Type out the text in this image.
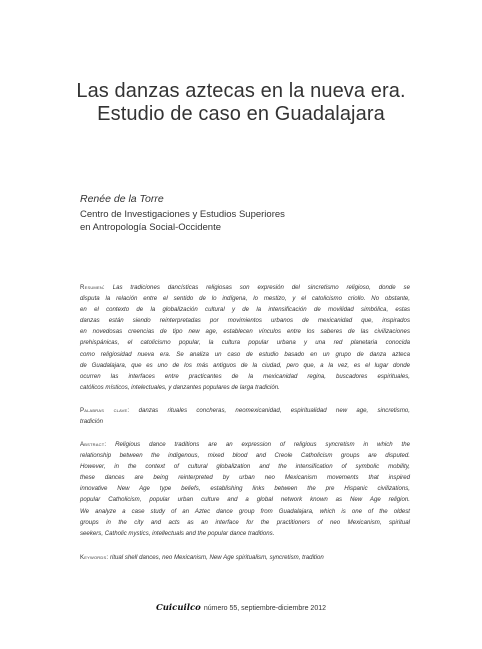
Las danzas aztecas en la nueva era.
Estudio de caso en Guadalajara
Renée de la Torre
Centro de Investigaciones y Estudios Superiores
en Antropología Social-Occidente
Resumen: Las tradiciones dancísticas religiosas son expresión del sincretismo religioso, donde se
disputa la relación entre el sentido de lo indígena, lo mestizo, y el catolicismo criollo. No obstante,
en el contexto de la globalización cultural y de la intensificación de movilidad simbólica, estas
danzas están siendo reinterpretadas por movimientos urbanos de mexicanidad que, inspirados
en novedosas creencias de tipo new age, establecen vínculos entre los saberes de las civilizaciones
prehispánicas, el catolicismo popular, la cultura popular urbana y una red planetaria conocida
como religiosidad nueva era. Se analiza un caso de estudio basado en un grupo de danza azteca
de Guadalajara, que es uno de los más antiguos de la ciudad, pero que, a la vez, es el lugar donde
ocurren las interfaces entre practicantes de la mexicanidad regina, buscadores espirituales,
católicos místicos, intelectuales, y danzantes populares de larga tradición.
Palabras clave: danzas rituales concheras, neomexicanidad, espiritualidad new age, sincretismo,
tradición
Abstract: Religious dance traditions are an expression of religious syncretism in which the
relationship between the indigenous, mixed blood and Creole Catholicism groups are disputed.
However, in the context of cultural globalization and the intensification of symbolic mobility,
these dances are being reinterpreted by urban neo Mexicanism movements that inspired
innovative New Age type beliefs, establishing links between the pre Hispanic civilizations,
popular Catholicism, popular urban culture and a global network known as New Age religion.
We analyze a case study of an Aztec dance group from Guadalajara, which is one of the oldest
groups in the city and acts as an interface for the practitioners of neo Mexicanism, spiritual
seekers, Catholic mystics, intellectuals and the popular dance traditions.
Keywords: ritual shell dances, neo Mexicanism, New Age spiritualism, syncretism, tradition
Cuicuilco número 55, septiembre-diciembre 2012
